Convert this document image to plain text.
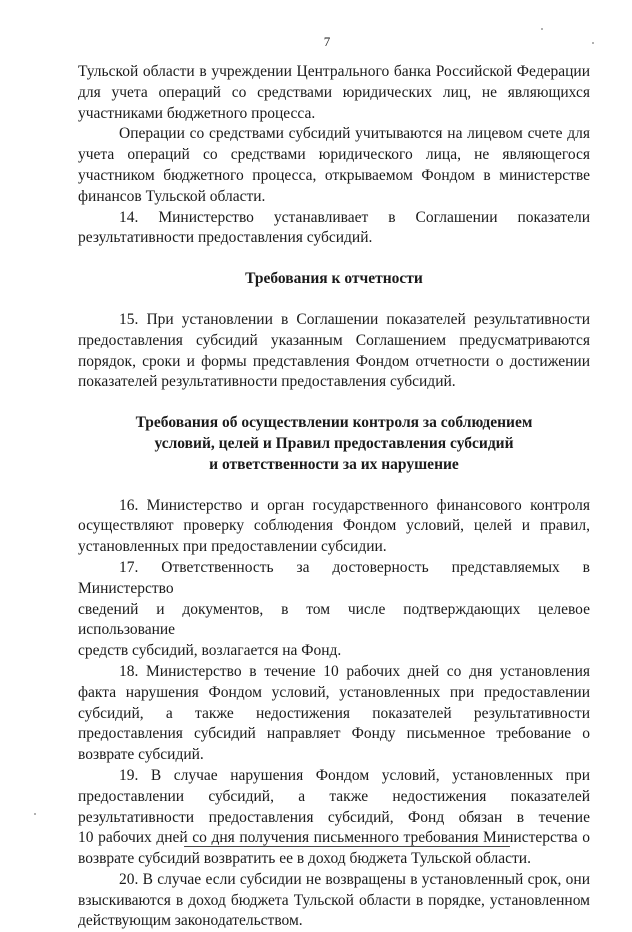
7
Тульской области в учреждении Центрального банка Российской Федерации
для учета операций со средствами юридических лиц, не являющихся
участниками бюджетного процесса.
Операции со средствами субсидий учитываются на лицевом счете для
учета операций со средствами юридического лица, не являющегося
участником бюджетного процесса, открываемом Фондом в министерстве
финансов Тульской области.
14. Министерство устанавливает в Соглашении показатели
результативности предоставления субсидий.
Требования к отчетности
15. При установлении в Соглашении показателей результативности
предоставления субсидий указанным Соглашением предусматриваются
порядок, сроки и формы представления Фондом отчетности о достижении
показателей результативности предоставления субсидий.
Требования об осуществлении контроля за соблюдением
условий, целей и Правил предоставления субсидий
и ответственности за их нарушение
16. Министерство и орган государственного финансового контроля
осуществляют проверку соблюдения Фондом условий, целей и правил,
установленных при предоставлении субсидии.
17. Ответственность за достоверность представляемых в Министерство
сведений и документов, в том числе подтверждающих целевое использование
средств субсидий, возлагается на Фонд.
18. Министерство в течение 10 рабочих дней со дня установления
факта нарушения Фондом условий, установленных при предоставлении
субсидий, а также недостижения показателей результативности
предоставления субсидий направляет Фонду письменное требование о
возврате субсидий.
19. В случае нарушения Фондом условий, установленных при
предоставлении субсидий, а также недостижения показателей
результативности предоставления субсидий, Фонд обязан в течение
10 рабочих дней со дня получения письменного требования Министерства о
возврате субсидий возвратить ее в доход бюджета Тульской области.
20. В случае если субсидии не возвращены в установленный срок, они
взыскиваются в доход бюджета Тульской области в порядке, установленном
действующим законодательством.
